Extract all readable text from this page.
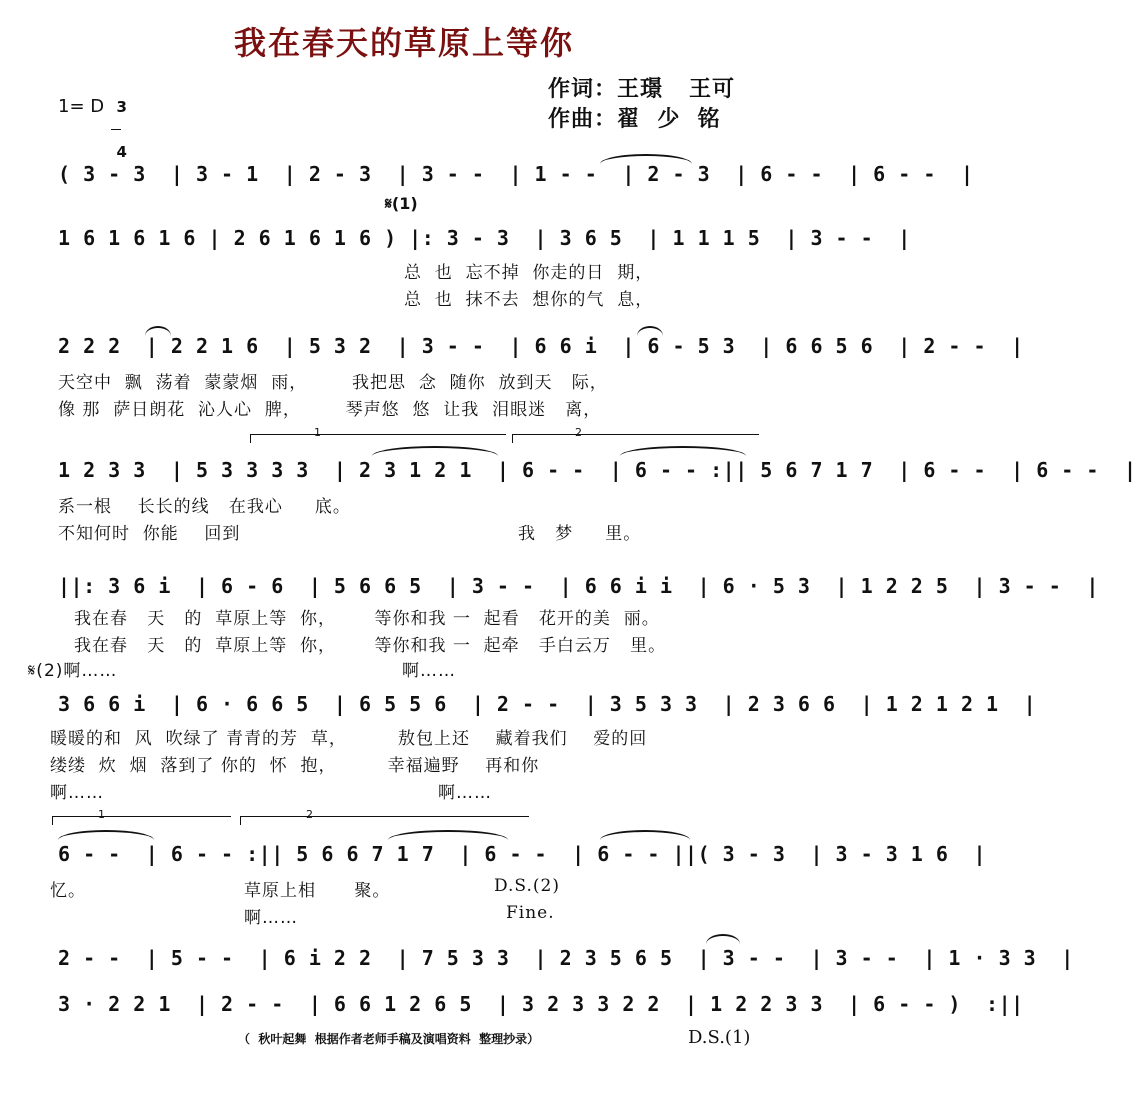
我在春天的草原上等你
作词：王璟   王可
作曲：翟  少  铭
1= D 3

4

( 3 - 3  | 3 - 1  | 2 - 3  | 3 - -  | 1 - -  | 2 - 3  | 6 - -  | 6 - -  |
𝄋(1)
1 6 1 6 1 6 | 2 6 1 6 1 6 ) |: 3 - 3  | 3 6 5  | 1 1 1 5  | 3 - -  |
总  也  忘不掉  你走的日  期，
总  也  抹不去  想你的气  息，
2 2 2  | 2 2 1 6  | 5 3 2  | 3 - -  | 6 6 i  | 6 - 5 3  | 6 6 5 6  | 2 - -  |
天空中  飘  荡着  蒙蒙烟  雨，       我把思  念  随你  放到天   际，
像 那  萨日朗花  沁人心  脾，       琴声悠  悠  让我  泪眼迷   离，
1	2
1 2 3 3  | 5 3 3 3 3  | 2 3 1 2 1  | 6 - -  | 6 - - :|| 5 6 7 1 7  | 6 - -  | 6 - -  |
系一根    长长的线   在我心     底。
不知何时  你能    回到	我   梦     里。
||: 3 6 i  | 6 - 6  | 5 6 6 5  | 3 - -  | 6 6 i i  | 6 · 5 3  | 1 2 2 5  | 3 - -  |
我在春   天   的  草原上等  你，      等你和我 一  起看   花开的美  丽。
我在春   天   的  草原上等  你，      等你和我 一  起牵   手白云万   里。
𝄋(2)啊……	啊……
3 6 6 i  | 6 · 6 6 5  | 6 5 5 6  | 2 - -  | 3 5 3 3  | 2 3 6 6  | 1 2 1 2 1  |
暖暖的和  风  吹绿了 青青的芳  草，        敖包上还    藏着我们    爱的回
缕缕  炊  烟  落到了 你的  怀  抱，        幸福遍野    再和你
啊……	啊……
1	2
6 - -  | 6 - - :|| 5 6 6 7 1 7  | 6 - -  | 6 - - ||( 3 - 3  | 3 - 3 1 6  |
忆。	草原上相      聚。	D.S.(2)
啊……	Fine.
2 - -  | 5 - -  | 6 i 2 2  | 7 5 3 3  | 2 3 5 6 5  | 3 - -  | 3 - -  | 1 · 3 3  |
3 · 2 2 1  | 2 - -  | 6 6 1 2 6 5  | 3 2 3 3 2 2  | 1 2 2 3 3  | 6 - - )  :||
（  秋叶起舞  根据作者老师手稿及演唱资料  整理抄录）	D.S.(1)
